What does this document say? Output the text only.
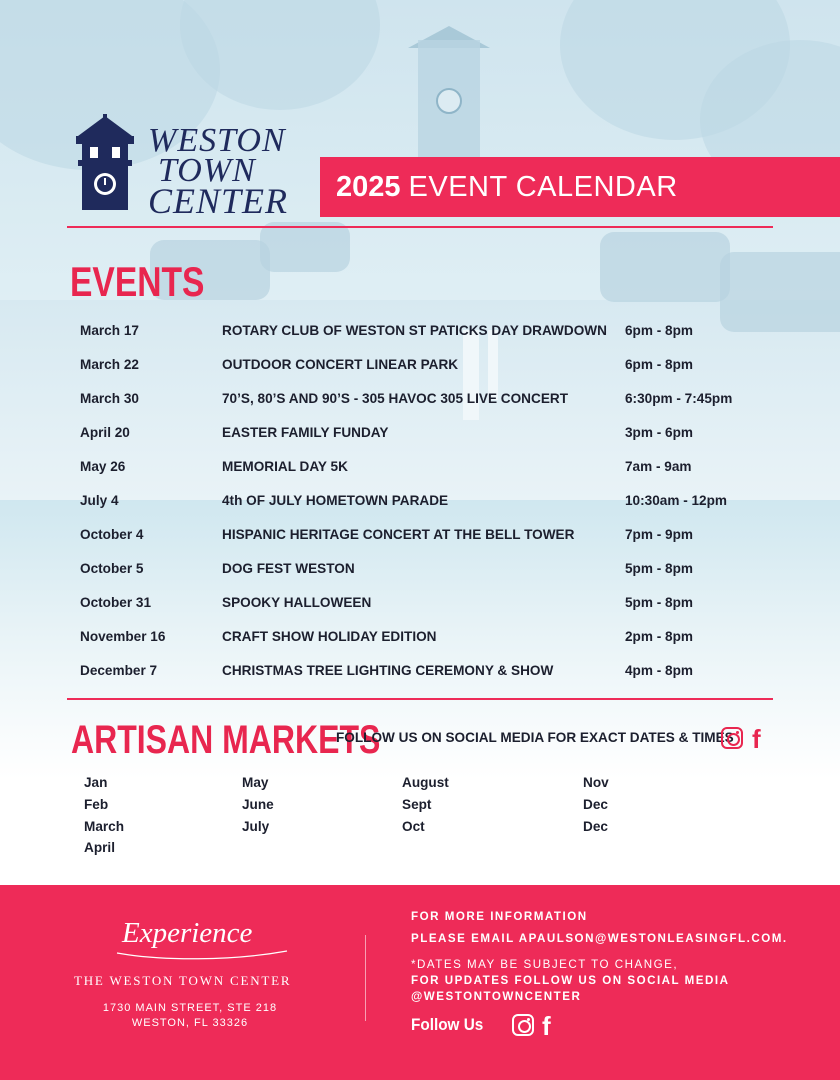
WESTON
TOWN
CENTER 2025 EVENT CALENDAR
EVENTS
March 17	ROTARY CLUB OF WESTON ST PATICKS DAY DRAWDOWN	6pm - 8pm
March 22	OUTDOOR CONCERT LINEAR PARK	6pm - 8pm
March 30	70’S, 80’S AND 90’S - 305 HAVOC 305 LIVE CONCERT	6:30pm - 7:45pm
April 20	EASTER FAMILY FUNDAY	3pm - 6pm
May 26	MEMORIAL DAY 5K	7am - 9am
July 4	4th OF JULY HOMETOWN PARADE	10:30am - 12pm
October 4	HISPANIC HERITAGE CONCERT AT THE BELL TOWER	7pm - 9pm
October 5	DOG FEST WESTON	5pm - 8pm
October 31	SPOOKY HALLOWEEN	5pm - 8pm
November 16	CRAFT SHOW HOLIDAY EDITION	2pm - 8pm
December 7	CHRISTMAS TREE LIGHTING CEREMONY & SHOW	4pm - 8pm
ARTISAN MARKETS
FOLLOW US ON SOCIAL MEDIA FOR EXACT DATES & TIMES f
Jan
Feb
March
April
May
June
July
August
Sept
Oct
Nov
Dec
Dec
Experience
THE WESTON TOWN CENTER
1730 MAIN STREET, STE 218
WESTON, FL 33326
FOR MORE INFORMATION
PLEASE EMAIL APAULSON@WESTONLEASINGFL.COM.
*DATES MAY BE SUBJECT TO CHANGE,
FOR UPDATES FOLLOW US ON SOCIAL MEDIA
@WESTONTOWNCENTER
Follow Us f
